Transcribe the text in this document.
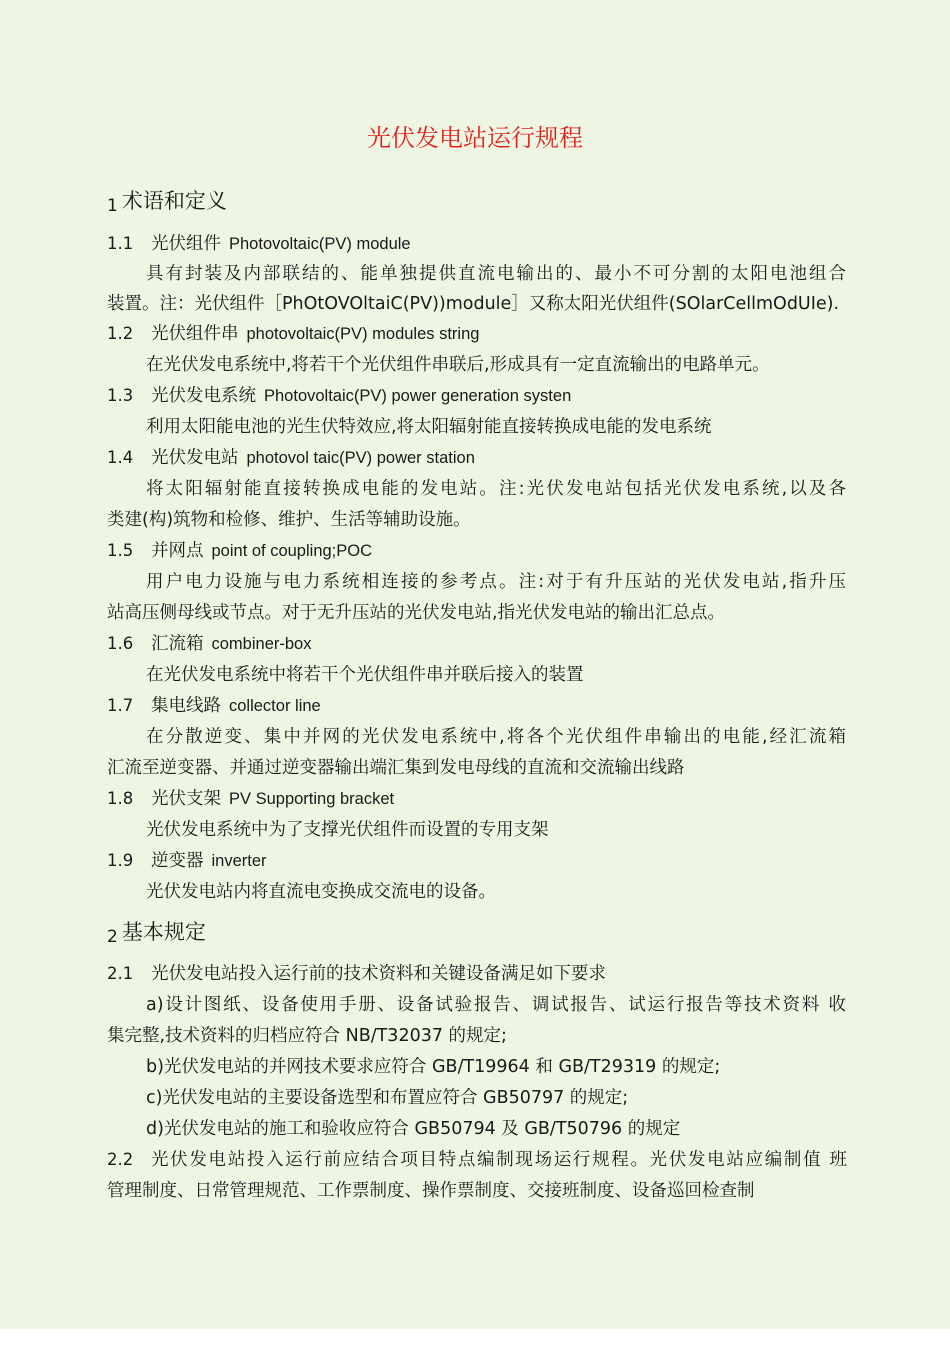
光伏发电站运行规程
1 术语和定义
1.1 光伏组件 Photovoltaic(PV) module
具有封装及内部联结的、能单独提供直流电输出的、最小不可分割的太阳电池组合
装置。注：光伏组件［PhOtOVOltaiC(PV))module］又称太阳光伏组件(SOlarCellmOdUIe).
1.2 光伏组件串 photovoltaic(PV) modules string
在光伏发电系统中,将若干个光伏组件串联后,形成具有一定直流输出的电路单元。
1.3 光伏发电系统 Photovoltaic(PV) power generation systen
利用太阳能电池的光生伏特效应,将太阳辐射能直接转换成电能的发电系统
1.4 光伏发电站 photovol taic(PV) power station
将太阳辐射能直接转换成电能的发电站。注:光伏发电站包括光伏发电系统,以及各
类建(构)筑物和检修、维护、生活等辅助设施。
1.5 并网点 point of coupling;POC
用户电力设施与电力系统相连接的参考点。注:对于有升压站的光伏发电站,指升压
站高压侧母线或节点。对于无升压站的光伏发电站,指光伏发电站的输出汇总点。
1.6 汇流箱 combiner-box
在光伏发电系统中将若干个光伏组件串并联后接入的装置
1.7 集电线路 collector line
在分散逆变、集中并网的光伏发电系统中,将各个光伏组件串输出的电能,经汇流箱
汇流至逆变器、并通过逆变器输出端汇集到发电母线的直流和交流输出线路
1.8 光伏支架 PV Supporting bracket
光伏发电系统中为了支撑光伏组件而设置的专用支架
1.9 逆变器 inverter
光伏发电站内将直流电变换成交流电的设备。
2 基本规定
2.1 光伏发电站投入运行前的技术资料和关键设备满足如下要求
a)设计图纸、设备使用手册、设备试验报告、调试报告、试运行报告等技术资料 收
集完整,技术资料的归档应符合 NB/T32037 的规定;
b)光伏发电站的并网技术要求应符合 GB/T19964 和 GB/T29319 的规定;
c)光伏发电站的主要设备选型和布置应符合 GB50797 的规定;
d)光伏发电站的施工和验收应符合 GB50794 及 GB/T50796 的规定
2.2	光伏发电站投入运行前应结合项目特点编制现场运行规程。光伏发电站应编制值 班
管理制度、日常管理规范、工作票制度、操作票制度、交接班制度、设备巡回检查制
